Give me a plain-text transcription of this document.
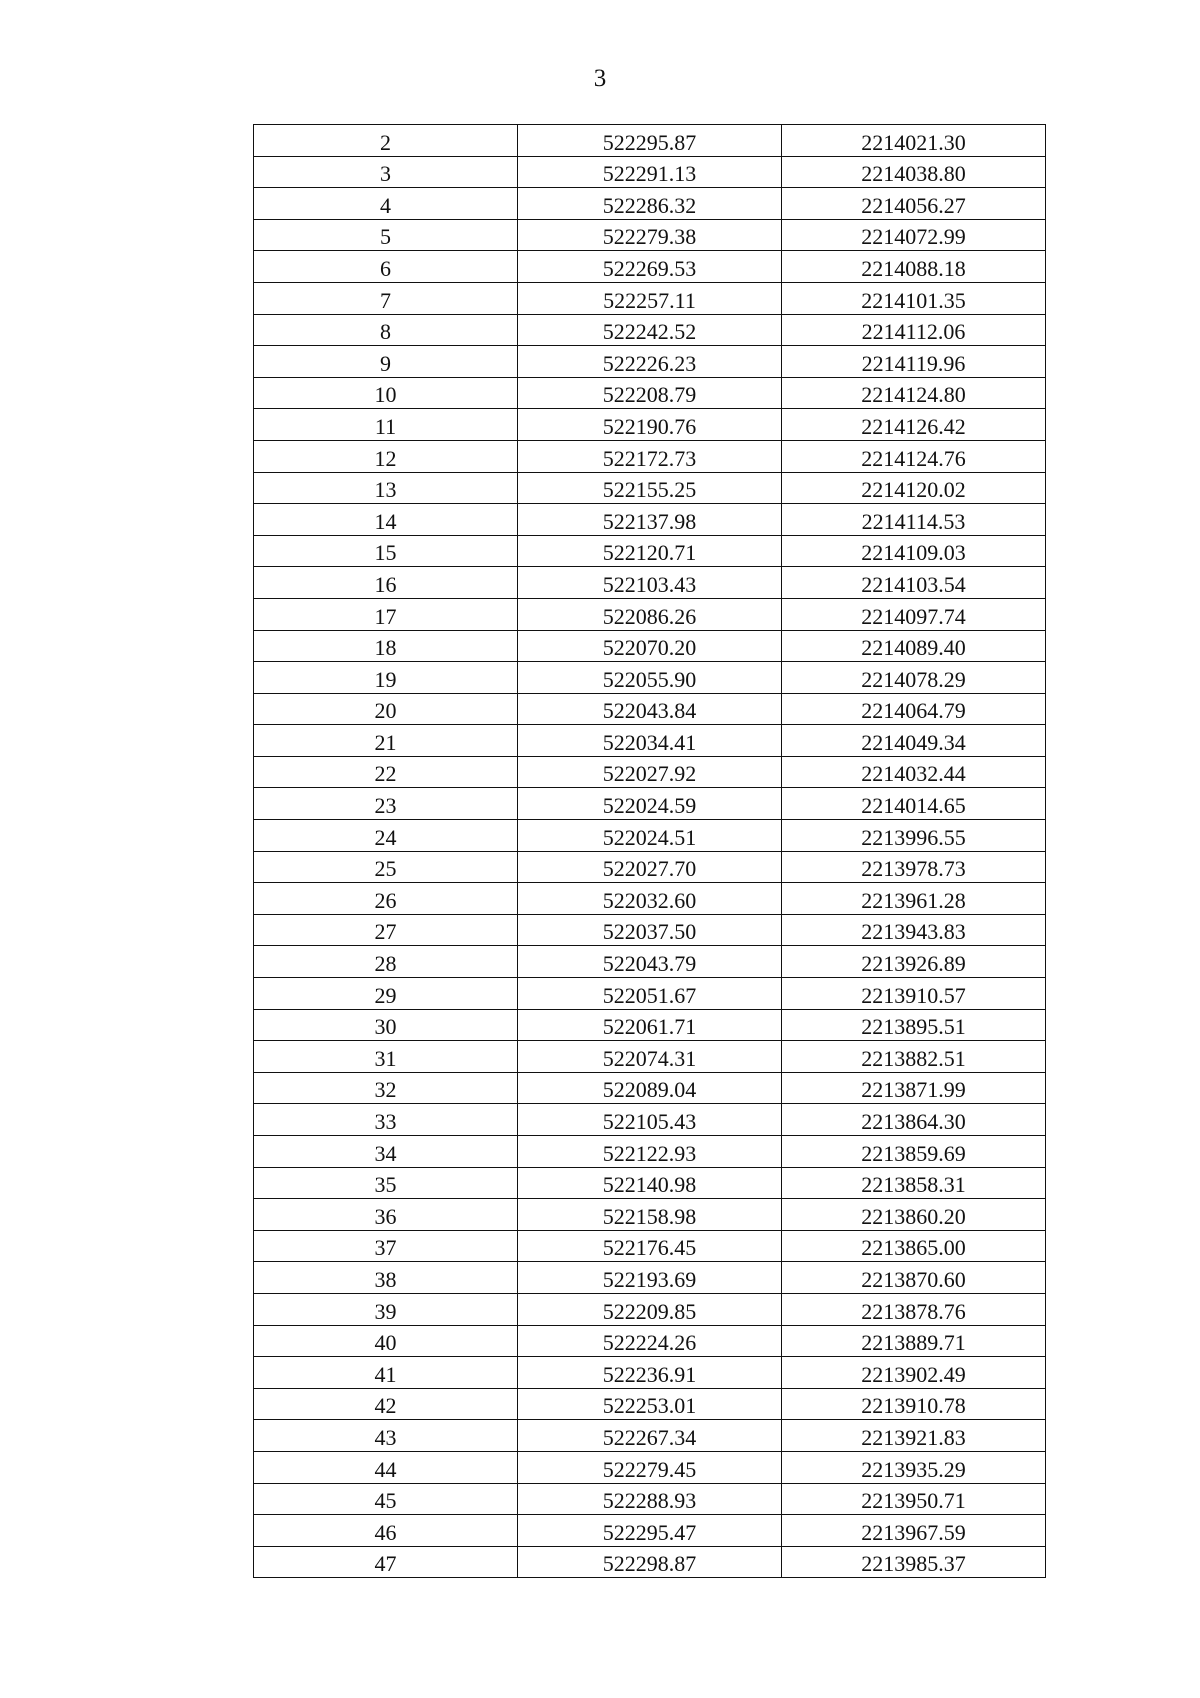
3
2	522295.87	2214021.30
3	522291.13	2214038.80
4	522286.32	2214056.27
5	522279.38	2214072.99
6	522269.53	2214088.18
7	522257.11	2214101.35
8	522242.52	2214112.06
9	522226.23	2214119.96
10	522208.79	2214124.80
11	522190.76	2214126.42
12	522172.73	2214124.76
13	522155.25	2214120.02
14	522137.98	2214114.53
15	522120.71	2214109.03
16	522103.43	2214103.54
17	522086.26	2214097.74
18	522070.20	2214089.40
19	522055.90	2214078.29
20	522043.84	2214064.79
21	522034.41	2214049.34
22	522027.92	2214032.44
23	522024.59	2214014.65
24	522024.51	2213996.55
25	522027.70	2213978.73
26	522032.60	2213961.28
27	522037.50	2213943.83
28	522043.79	2213926.89
29	522051.67	2213910.57
30	522061.71	2213895.51
31	522074.31	2213882.51
32	522089.04	2213871.99
33	522105.43	2213864.30
34	522122.93	2213859.69
35	522140.98	2213858.31
36	522158.98	2213860.20
37	522176.45	2213865.00
38	522193.69	2213870.60
39	522209.85	2213878.76
40	522224.26	2213889.71
41	522236.91	2213902.49
42	522253.01	2213910.78
43	522267.34	2213921.83
44	522279.45	2213935.29
45	522288.93	2213950.71
46	522295.47	2213967.59
47	522298.87	2213985.37
